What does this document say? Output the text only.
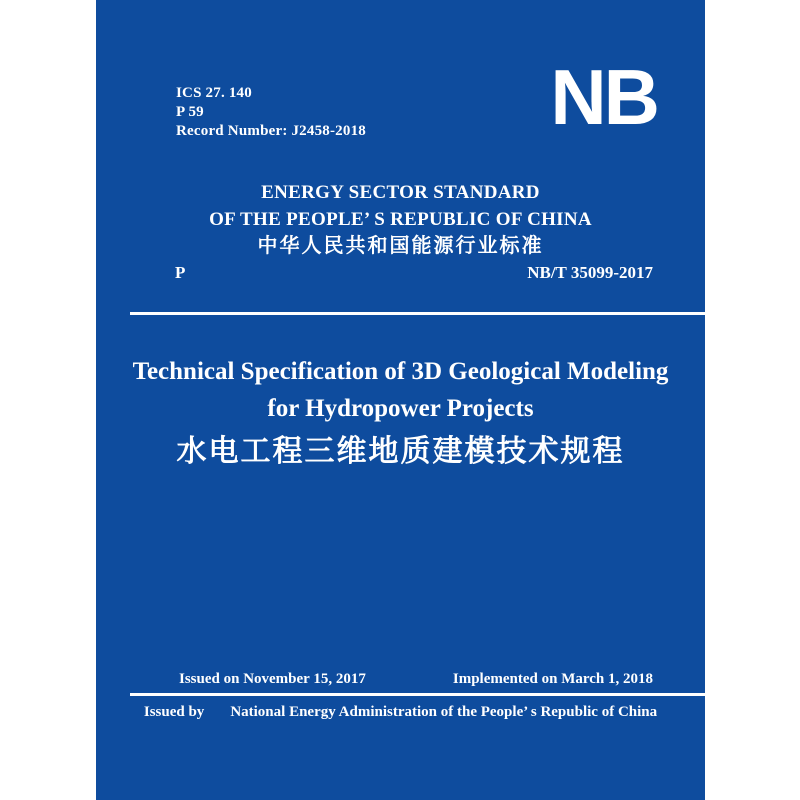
ICS 27. 140
P 59
Record Number: J2458-2018 NB
ENERGY SECTOR STANDARD
OF THE PEOPLE’ S REPUBLIC OF CHINA
中华人民共和国能源行业标准
P	NB/T 35099-2017
Technical Specification of 3D Geological Modeling
for Hydropower Projects
水电工程三维地质建模技术规程
Issued on November 15, 2017	Implemented on March 1, 2018
Issued by National Energy Administration of the People’ s Republic of China
